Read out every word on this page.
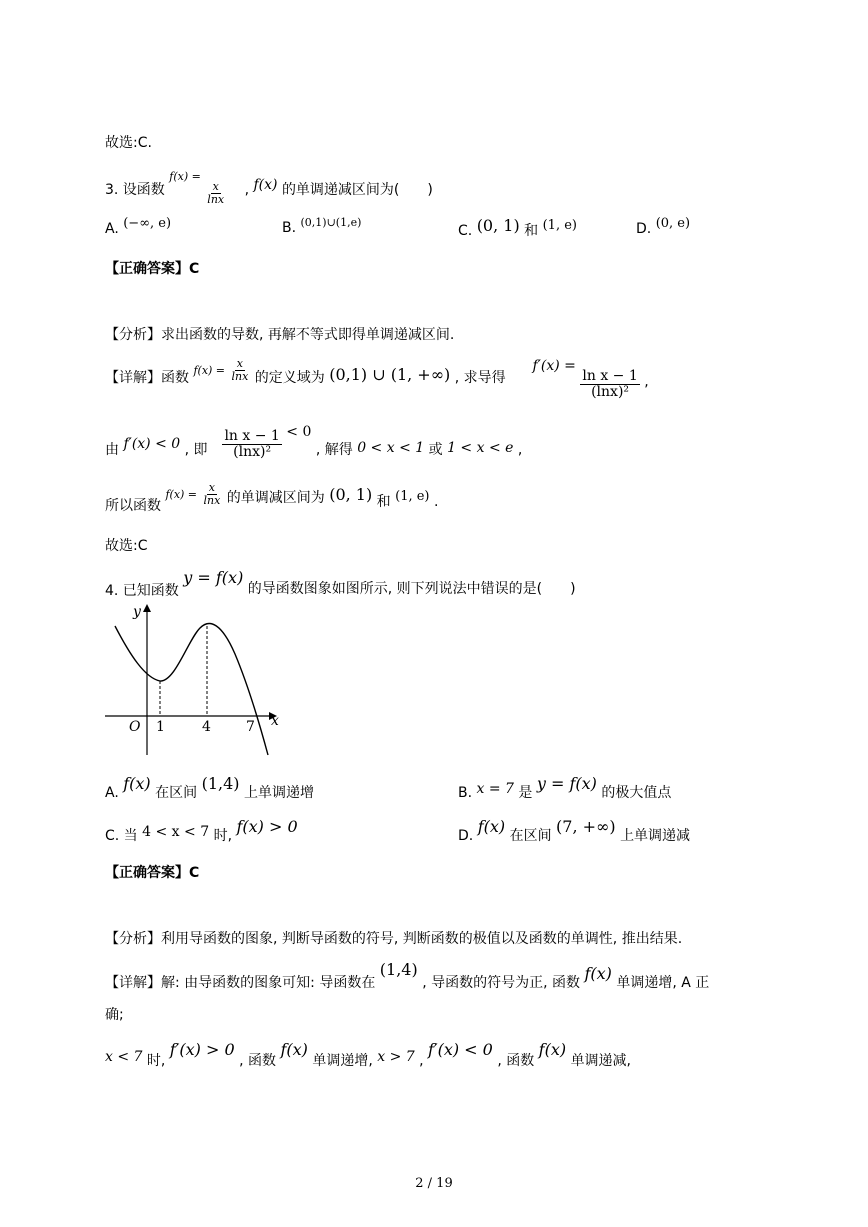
故选:C.
3. 设函数 $^{f(x) =}$
$\frac{x}{\ln x}$ , f(x) 的单调递减区间为(　　)
A. (−∞, e)	B. $^{(0,1)\cup(1,e)}$
C. (0, 1) 和 (1, e)	D. (0, e)
【正确答案】C
【分析】求出函数的导数, 再解不等式即得单调递减区间.
【详解】函数 $f(x) = \frac{x}{\ln x}$ 的定义域为 (0,1) ∪ (1, +∞) , 求导得  f′(x) =
$\frac{\text{ln x − 1}}{\text{(lnx)²}}$ ,
由 f′(x) < 0 , 即 $\frac{\text{ln x − 1}}{\text{(lnx)²}} < 0$ , 解得 0 < x < 1 或 1 < x < e ,
所以函数 $f(x) = \frac{x}{\ln x}$ 的单调减区间为 (0, 1) 和 (1, e) .
故选:C
4. 已知函数 y = f(x) 的导函数图象如图所示, 则下列说法中错误的是(　　)
y
x
O 1	4	7
A. f(x) 在区间 (1,4) 上单调递增	B. x = 7 是 y = f(x) 的极大值点
C. 当 4 < x < 7 时, f(x) > 0	D. f(x) 在区间 (7, +∞) 上单调递减
【正确答案】C
【分析】利用导函数的图象, 判断导函数的符号, 判断函数的极值以及函数的单调性, 推出结果.
【详解】解: 由导函数的图象可知: 导函数在 (1,4) , 导函数的符号为正, 函数 f(x) 单调递增, A 正
确;
x < 7 时, f′(x) > 0 , 函数 f(x) 单调递增, x > 7 , f′(x) < 0 , 函数 f(x) 单调递减,
2 / 19
